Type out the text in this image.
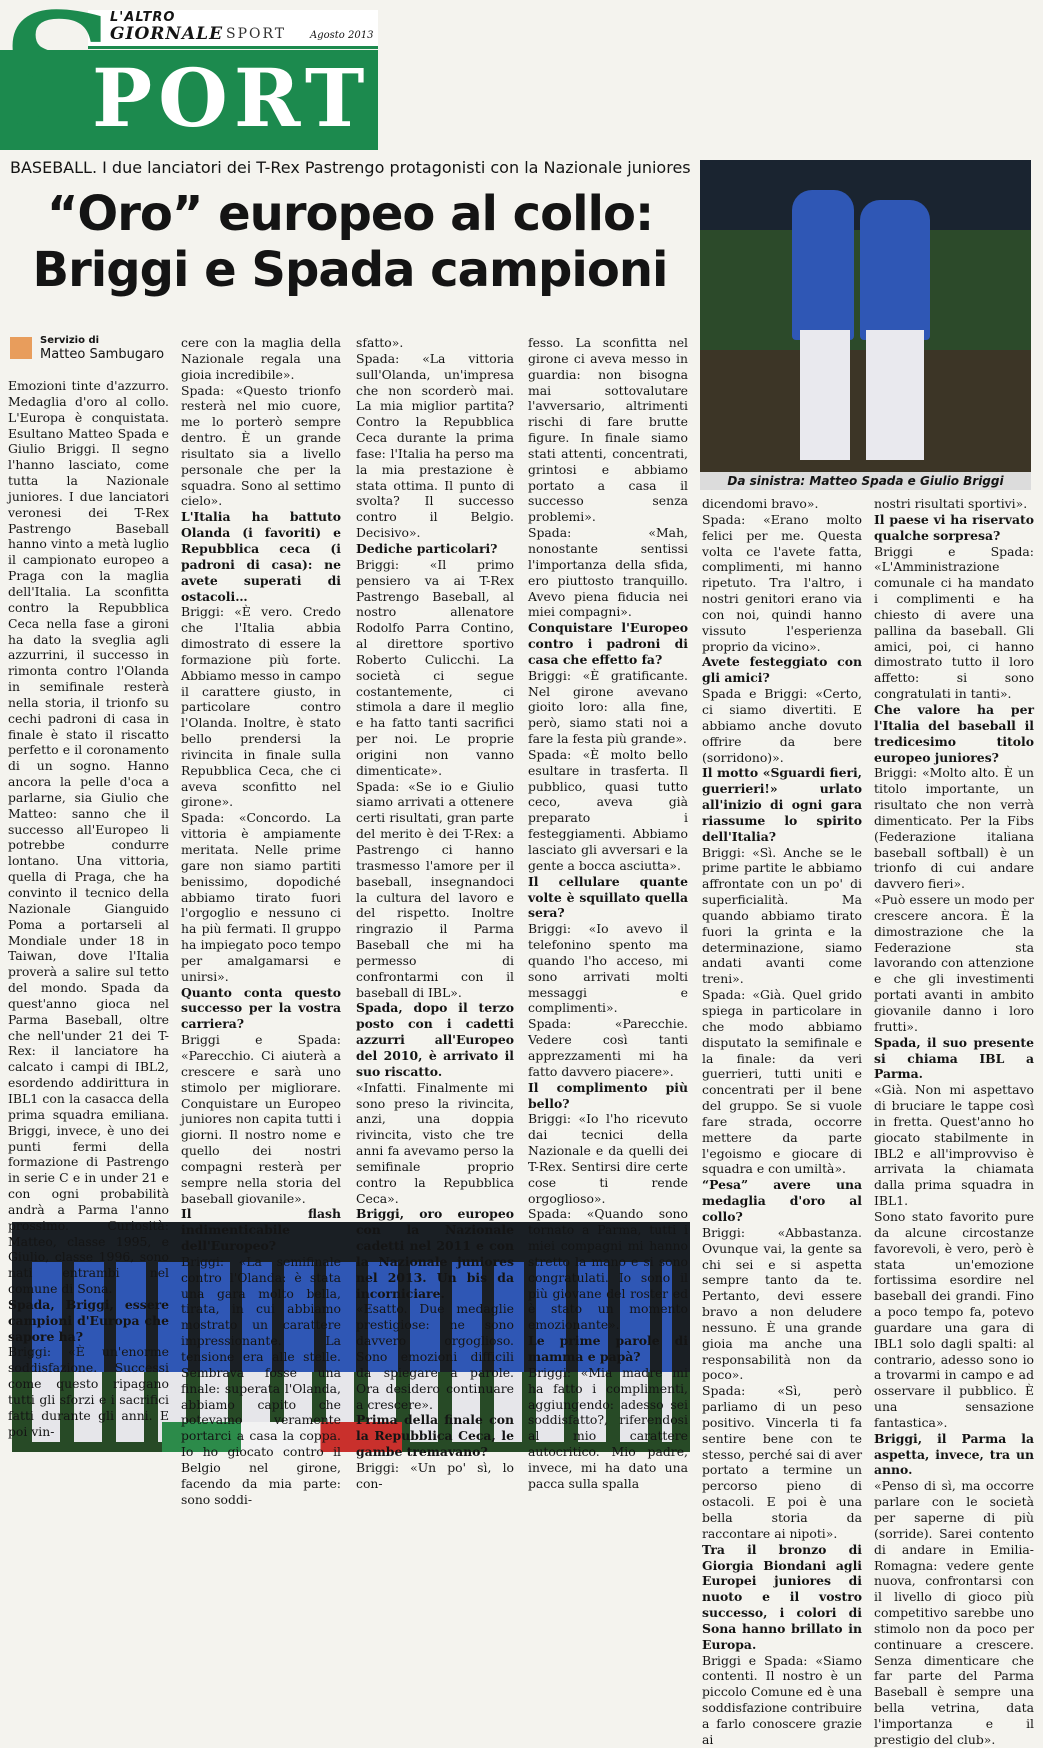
L'ALTRO
GIORNALE SPORT Agosto 2013
S
PORT
BASEBALL. I due lanciatori dei T-Rex Pastrengo protagonisti con la Nazionale juniores
“Oro” europeo al collo:
Briggi e Spada campioni
Servizio di
Matteo Sambugaro
Da sinistra: Matteo Spada e Giulio Briggi

Emozioni tinte d'azzurro. Medaglia d'oro al collo. L'Europa è conquistata. Esultano Matteo Spada e Giulio Briggi. Il segno l'hanno lasciato, come tutta la Nazionale juniores. I due lanciatori veronesi dei T-Rex Pastrengo Baseball hanno vinto a metà luglio il campionato europeo a Praga con la maglia dell'Italia. La sconfitta contro la Repubblica Ceca nella fase a gironi ha dato la sveglia agli azzurrini, il successo in rimonta contro l'Olanda in semifinale resterà nella storia, il trionfo su cechi padroni di casa in finale è stato il riscatto perfetto e il coronamento di un sogno. Hanno ancora la pelle d'oca a parlarne, sia Giulio che Matteo: sanno che il successo all'Europeo li potrebbe condurre lontano. Una vittoria, quella di Praga, che ha convinto il tecnico della Nazionale Gianguido Poma a portarseli al Mondiale under 18 in Taiwan, dove l'Italia proverà a salire sul tetto del mondo. Spada da quest'anno gioca nel Parma Baseball, oltre che nell'under 21 dei T-Rex: il lanciatore ha calcato i campi di IBL2, esordendo addirittura in IBL1 con la casacca della prima squadra emiliana. Briggi, invece, è uno dei punti fermi della formazione di Pastrengo in serie C e in under 21 e con ogni probabilità andrà a Parma l'anno prossimo. Curiosità: Matteo, classe 1995, e Giulio, classe 1996, sono nati entrambi nel comune di Sona.

Spada, Briggi, essere campioni d'Europa che sapore ha?

Briggi: «È un'enorme soddisfazione. Successi come questo ripagano tutti gli sforzi e i sacrifici fatti durante gli anni. E poi vin-

cere con la maglia della Nazionale regala una gioia incredibile».

Spada: «Questo trionfo resterà nel mio cuore, me lo porterò sempre dentro. È un grande risultato sia a livello personale che per la squadra. Sono al settimo cielo».

L'Italia ha battuto Olanda (i favoriti) e Repubblica ceca (i padroni di casa): ne avete superati di ostacoli…

Briggi: «È vero. Credo che l'Italia abbia dimostrato di essere la formazione più forte. Abbiamo messo in campo il carattere giusto, in particolare contro l'Olanda. Inoltre, è stato bello prendersi la rivincita in finale sulla Repubblica Ceca, che ci aveva sconfitto nel girone».

Spada: «Concordo. La vittoria è ampiamente meritata. Nelle prime gare non siamo partiti benissimo, dopodiché abbiamo tirato fuori l'orgoglio e nessuno ci ha più fermati. Il gruppo ha impiegato poco tempo per amalgamarsi e unirsi».

Quanto conta questo successo per la vostra carriera?

Briggi e Spada: «Parecchio. Ci aiuterà a crescere e sarà uno stimolo per migliorare. Conquistare un Europeo juniores non capita tutti i giorni. Il nostro nome e quello dei nostri compagni resterà per sempre nella storia del baseball giovanile».

Il flash indimenticabile dell'Europeo?

Briggi: «La semifinale contro l'Olanda: è stata una gara molto bella, tirata, in cui abbiamo mostrato un carattere impressionante. La tensione era alle stelle. Sembrava fosse una finale: superata l'Olanda, abbiamo capito che potevamo veramente portarci a casa la coppa. Io ho giocato contro il Belgio nel girone, facendo da mia parte: sono soddi-

sfatto».

Spada: «La vittoria sull'Olanda, un'impresa che non scorderò mai. La mia miglior partita? Contro la Repubblica Ceca durante la prima fase: l'Italia ha perso ma la mia prestazione è stata ottima. Il punto di svolta? Il successo contro il Belgio. Decisivo».

Dediche particolari?

Briggi: «Il primo pensiero va ai T-Rex Pastrengo Baseball, al nostro allenatore Rodolfo Parra Contino, al direttore sportivo Roberto Culicchi. La società ci segue costantemente, ci stimola a dare il meglio e ha fatto tanti sacrifici per noi. Le proprie origini non vanno dimenticate».

Spada: «Se io e Giulio siamo arrivati a ottenere certi risultati, gran parte del merito è dei T-Rex: a Pastrengo ci hanno trasmesso l'amore per il baseball, insegnandoci la cultura del lavoro e del rispetto. Inoltre ringrazio il Parma Baseball che mi ha permesso di confrontarmi con il baseball di IBL».

Spada, dopo il terzo posto con i cadetti azzurri all'Europeo del 2010, è arrivato il suo riscatto.

«Infatti. Finalmente mi sono preso la rivincita, anzi, una doppia rivincita, visto che tre anni fa avevamo perso la semifinale proprio contro la Repubblica Ceca».

Briggi, oro europeo con la Nazionale cadetti nel 2011 e con la Nazionale juniores nel 2013. Un bis da incorniciare.

«Esatto. Due medaglie prestigiose: ne sono davvero orgoglioso. Sono emozioni difficili da spiegare a parole. Ora desidero continuare a crescere».

Prima della finale con la Repubblica Ceca, le gambe tremavano?

Briggi: «Un po' sì, lo con-

fesso. La sconfitta nel girone ci aveva messo in guardia: non bisogna mai sottovalutare l'avversario, altrimenti rischi di fare brutte figure. In finale siamo stati attenti, concentrati, grintosi e abbiamo portato a casa il successo senza problemi».

Spada: «Mah, nonostante sentissi l'importanza della sfida, ero piuttosto tranquillo. Avevo piena fiducia nei miei compagni».

Conquistare l'Europeo contro i padroni di casa che effetto fa?

Briggi: «È gratificante. Nel girone avevano gioito loro: alla fine, però, siamo stati noi a fare la festa più grande».

Spada: «È molto bello esultare in trasferta. Il pubblico, quasi tutto ceco, aveva già preparato i festeggiamenti. Abbiamo lasciato gli avversari e la gente a bocca asciutta».

Il cellulare quante volte è squillato quella sera?

Briggi: «Io avevo il telefonino spento ma quando l'ho acceso, mi sono arrivati molti messaggi e complimenti».

Spada: «Parecchie. Vedere così tanti apprezzamenti mi ha fatto davvero piacere».

Il complimento più bello?

Briggi: «Io l'ho ricevuto dai tecnici della Nazionale e da quelli dei T-Rex. Sentirsi dire certe cose ti rende orgoglioso».

Spada: «Quando sono tornato a Parma, tutti i miei compagni mi hanno stretto la mano e si sono congratulati. Io sono il più giovane del roster ed è stato un momento emozionante».

Le prime parole di mamma e papà?

Briggi: «Mia madre mi ha fatto i complimenti, aggiungendo: adesso sei soddisfatto?, riferendosi al mio carattere autocritico. Mio padre, invece, mi ha dato una pacca sulla spalla

dicendomi bravo».

Spada: «Erano molto felici per me. Questa volta ce l'avete fatta, complimenti, mi hanno ripetuto. Tra l'altro, i nostri genitori erano via con noi, quindi hanno vissuto l'esperienza proprio da vicino».

Avete festeggiato con gli amici?

Spada e Briggi: «Certo, ci siamo divertiti. E abbiamo anche dovuto offrire da bere (sorridono)».

Il motto «Sguardi fieri, guerrieri!» urlato all'inizio di ogni gara riassume lo spirito dell'Italia?

Briggi: «Sì. Anche se le prime partite le abbiamo affrontate con un po' di superficialità. Ma quando abbiamo tirato fuori la grinta e la determinazione, siamo andati avanti come treni».

Spada: «Già. Quel grido spiega in particolare in che modo abbiamo disputato la semifinale e la finale: da veri guerrieri, tutti uniti e concentrati per il bene del gruppo. Se si vuole fare strada, occorre mettere da parte l'egoismo e giocare di squadra e con umiltà».

“Pesa” avere una medaglia d'oro al collo?

Briggi: «Abbastanza. Ovunque vai, la gente sa chi sei e si aspetta sempre tanto da te. Pertanto, devi essere bravo a non deludere nessuno. È una grande gioia ma anche una responsabilità non da poco».

Spada: «Sì, però parliamo di un peso positivo. Vincerla ti fa sentire bene con te stesso, perché sai di aver portato a termine un percorso pieno di ostacoli. E poi è una bella storia da raccontare ai nipoti».

Tra il bronzo di Giorgia Biondani agli Europei juniores di nuoto e il vostro successo, i colori di Sona hanno brillato in Europa.

Briggi e Spada: «Siamo contenti. Il nostro è un piccolo Comune ed è una soddisfazione contribuire a farlo conoscere grazie ai

nostri risultati sportivi».

Il paese vi ha riservato qualche sorpresa?

Briggi e Spada: «L'Amministrazione comunale ci ha mandato i complimenti e ha chiesto di avere una pallina da baseball. Gli amici, poi, ci hanno dimostrato tutto il loro affetto: si sono congratulati in tanti».

Che valore ha per l'Italia del baseball il tredicesimo titolo europeo juniores?

Briggi: «Molto alto. È un titolo importante, un risultato che non verrà dimenticato. Per la Fibs (Federazione italiana baseball softball) è un trionfo di cui andare davvero fieri».

«Può essere un modo per crescere ancora. È la dimostrazione che la Federazione sta lavorando con attenzione e che gli investimenti portati avanti in ambito giovanile danno i loro frutti».

Spada, il suo presente si chiama IBL a Parma.

«Già. Non mi aspettavo di bruciare le tappe così in fretta. Quest'anno ho giocato stabilmente in IBL2 e all'improvviso è arrivata la chiamata dalla prima squadra in IBL1.

Sono stato favorito pure da alcune circostanze favorevoli, è vero, però è stata un'emozione fortissima esordire nel baseball dei grandi. Fino a poco tempo fa, potevo guardare una gara di IBL1 solo dagli spalti: al contrario, adesso sono io a trovarmi in campo e ad osservare il pubblico. È una sensazione fantastica».

Briggi, il Parma la aspetta, invece, tra un anno.

«Penso di sì, ma occorre parlare con le società per saperne di più (sorride). Sarei contento di andare in Emilia-Romagna: vedere gente nuova, confrontarsi con il livello di gioco più competitivo sarebbe uno stimolo non da poco per continuare a crescere. Senza dimenticare che far parte del Parma Baseball è sempre una bella vetrina, data l'importanza e il prestigio del club».
